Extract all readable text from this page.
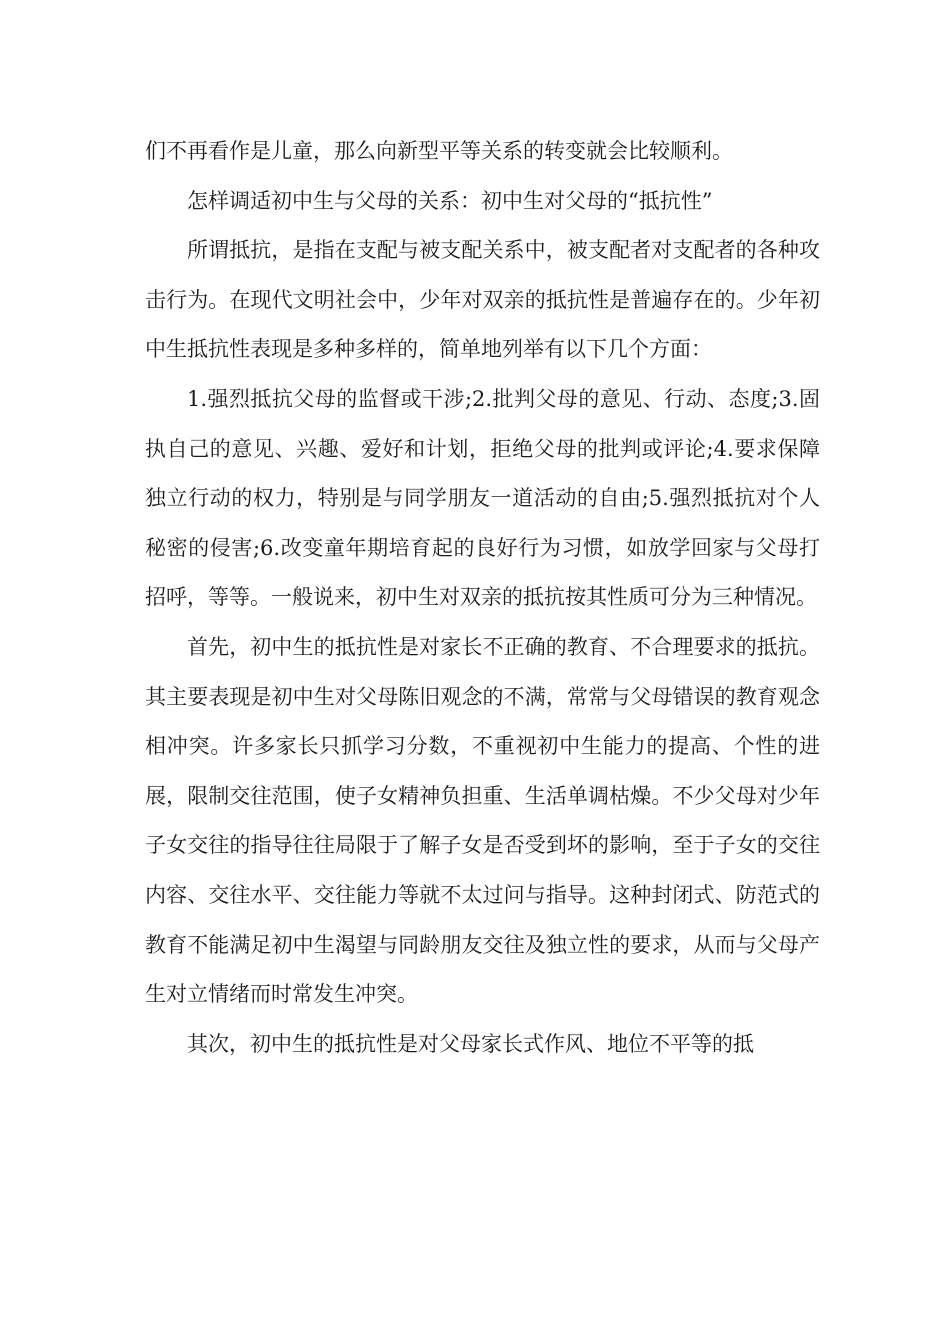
们不再看作是儿童，那么向新型平等关系的转变就会比较顺利。

怎样调适初中生与父母的关系：初中生对父母的“抵抗性”

所谓抵抗，是指在支配与被支配关系中，被支配者对支配者的各种攻击行为。在现代文明社会中，少年对双亲的抵抗性是普遍存在的。少年初中生抵抗性表现是多种多样的，简单地列举有以下几个方面：

1.强烈抵抗父母的监督或干涉;2.批判父母的意见、行动、态度;3.固执自己的意见、兴趣、爱好和计划，拒绝父母的批判或评论;4.要求保障独立行动的权力，特别是与同学朋友一道活动的自由;5.强烈抵抗对个人秘密的侵害;6.改变童年期培育起的良好行为习惯，如放学回家与父母打招呼，等等。一般说来，初中生对双亲的抵抗按其性质可分为三种情况。

首先，初中生的抵抗性是对家长不正确的教育、不合理要求的抵抗。其主要表现是初中生对父母陈旧观念的不满，常常与父母错误的教育观念相冲突。许多家长只抓学习分数，不重视初中生能力的提高、个性的进展，限制交往范围，使子女精神负担重、生活单调枯燥。不少父母对少年子女交往的指导往往局限于了解子女是否受到坏的影响，至于子女的交往内容、交往水平、交往能力等就不太过问与指导。这种封闭式、防范式的教育不能满足初中生渴望与同龄朋友交往及独立性的要求，从而与父母产生对立情绪而时常发生冲突。

其次，初中生的抵抗性是对父母家长式作风、地位不平等的抵
